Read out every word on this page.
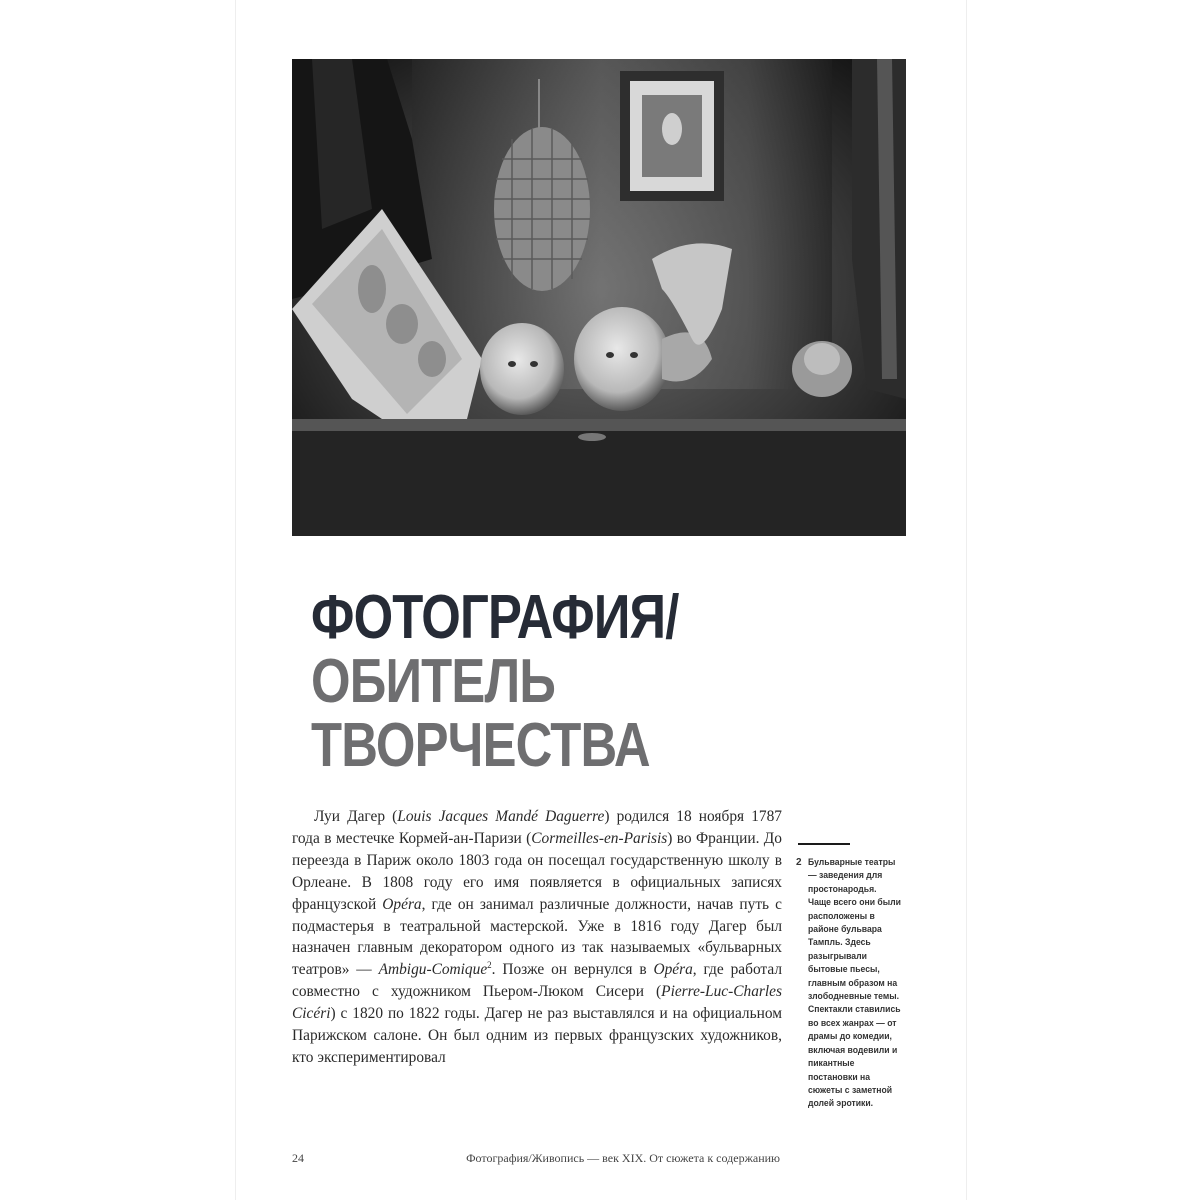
ФОТОГРАФИЯ/
ОБИТЕЛЬ
ТВОРЧЕСТВА

Луи Дагер (Louis Jacques Mandé Daguerre) родился 18 ноября 1787 года в местечке Кормей-ан-Паризи (Cormeilles-en-Parisis) во Франции. До переезда в Париж около 1803 года он посещал государственную школу в Орлеане. В 1808 году его имя появляется в официальных записях французской Opéra, где он занимал различные должности, начав путь с подмастерья в театральной мастерской. Уже в 1816 году Дагер был назначен главным декоратором одного из так называемых «бульварных театров» — Ambigu-Comique$^2$. Позже он вернулся в Opéra, где работал совместно с художником Пьером-Люком Сисери (Pierre-Luc-Charles Cicéri) с 1820 по 1822 годы. Дагер не раз выставлялся и на официальном Парижском салоне. Он был одним из первых французских художников, кто экспериментировал

2 Бульварные театры — заведения для простонародья. Чаще всего они были расположены в районе бульвара Тампль. Здесь разыгрывали бытовые пьесы, главным образом на злободневные темы. Спектакли ставились во всех жанрах — от драмы до комедии, включая водевили и пикантные постановки на сюжеты с заметной долей эротики.

24	Фотография/Живопись — век XIX. От сюжета к содержанию
